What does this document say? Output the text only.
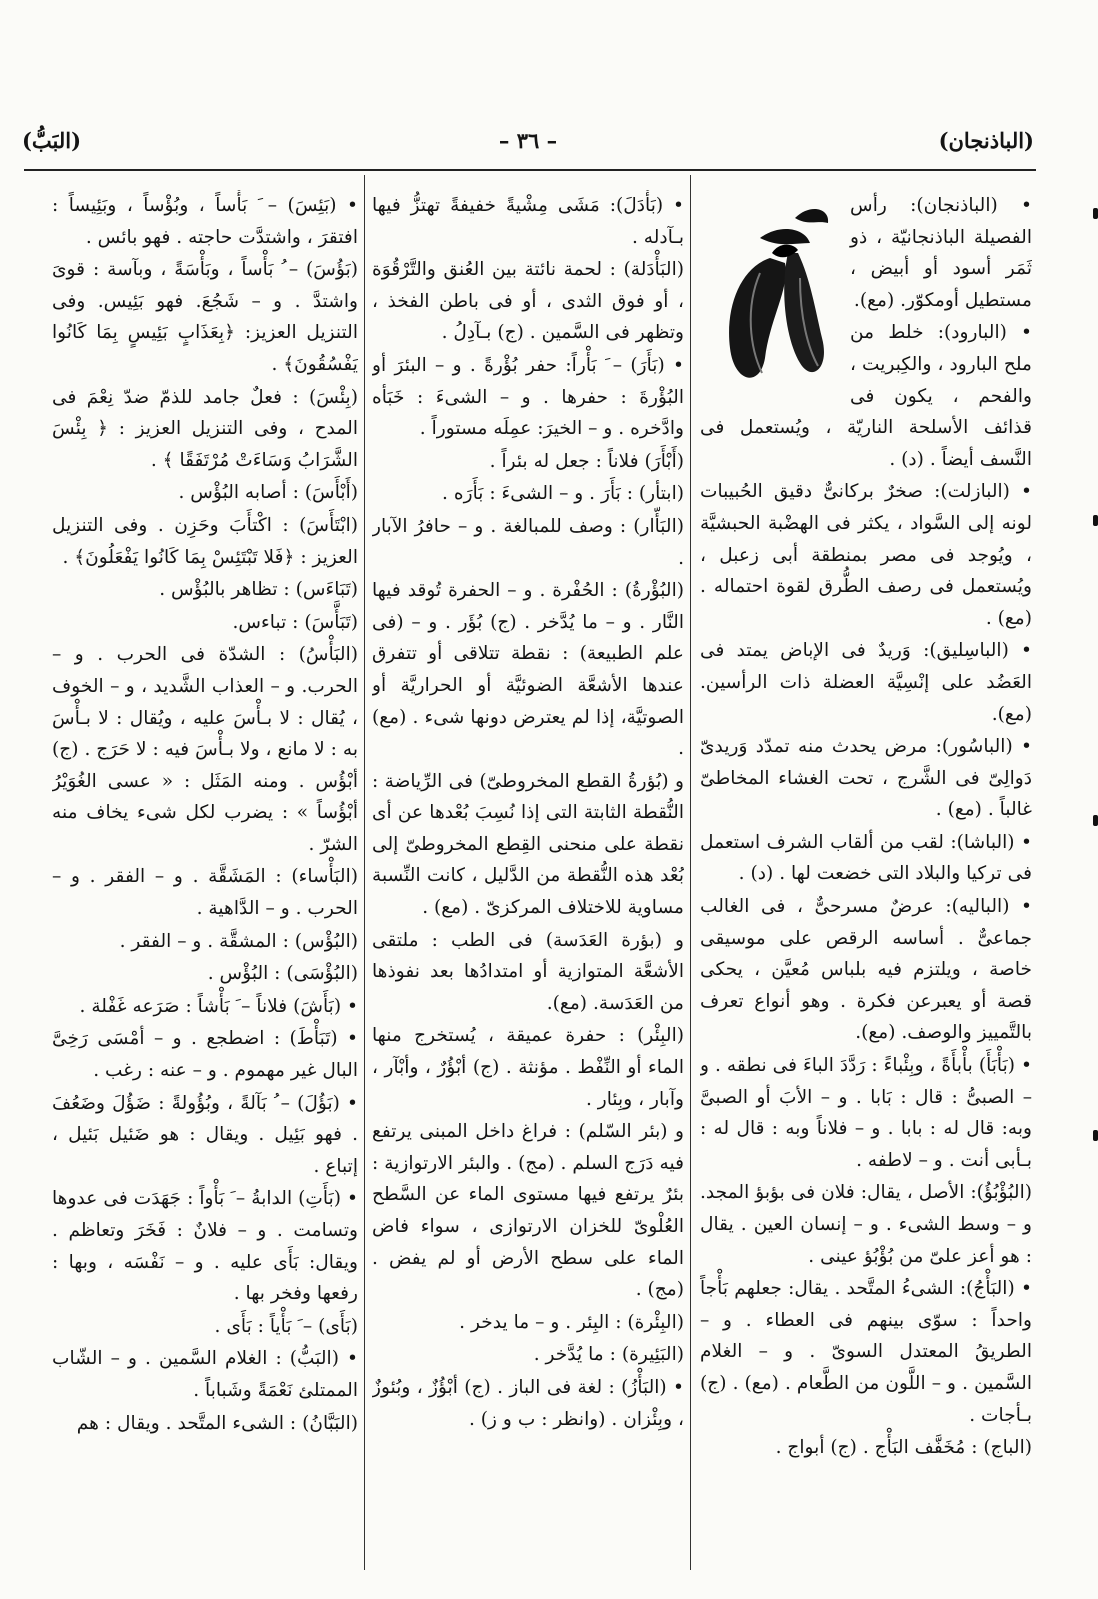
(الباذنجان)
– ٣٦ –
(البَبُّ)

• (الباذنجان): رأس الفصيلة الباذنجانيّة ، ذو ثَمَر أسود أو أبيض ، مستطيل أومكوّر. (مع).

• (البارود): خلط من ملح البارود ، والكِبريت ، والفحم ، يكون فى قذائف الأسلحة الناريّة ، ويُستعمل فى النَّسف أيضاً . (د) .

• (البازلت): صخرٌ بركانىٌّ دقيق الحُبيبات لونه إلى السَّواد ، يكثر فى الهضْبة الحبشيَّة ، ويُوجد فى مصر بمنطقة أبى زعبل ، ويُستعمل فى رصف الطُّرق لقوة احتماله . (مع) .

• (الباسِليق): وَريدٌ فى الإباض يمتد فى العَضُد على إنْسِيَّة العضلة ذات الرأسين. (مع).

• (الباسُور): مرض يحدث منه تمدّد وَريدىّ دَوالِىّ فى الشَّرج ، تحت الغشاء المخاطىّ غالباً . (مع) .

• (الباشا): لقب من ألقاب الشرف استعمل فى تركيا والبلاد التى خضعت لها . (د) .

• (الباليه): عرضٌ مسرحىٌّ ، فى الغالب جماعىٌّ . أساسه الرقص على موسيقى خاصة ، ويلتزم فيه بلباس مُعيَّن ، يحكى قصة أو يعبرعن فكرة . وهو أنواع تعرف بالتَّمييز والوصف. (مع).

• (بَأْبَأَ) بأْبأَةً ، وبِئْباءً : رَدَّدَ الباءَ فى نطقه . و – الصبىُّ : قال : بَابا . و – الأبَ أو الصبىَّ وبه: قال له : بابا . و – فلاناً وبه : قال له : بـأبى أنت . و – لاطفه .

(البُؤْبُؤُ): الأصل ، يقال: فلان فى بؤبؤ المجد. و – وسط الشىء . و – إنسان العين . يقال : هو أعز علىّ من بُؤْبُؤ عينى .

• (البَأْجُ): الشىءُ المتَّحد . يقال: جعلهم بَأْجاً واحداً : سوّى بينهم فى العطاء . و – الطريقُ المعتدل السوىّ . و – الغلام السَّمين . و – اللَّون من الطَّعام . (مع) . (ج) بـأجات .

(الباج) : مُخَفَّف البَأْج . (ج) أبواج .

• (بَأْدَلَ): مَشَى مِشْيةً خفيفةً تهتزُّ فيها بـآدله .

(البَأْدَلة) : لحمة نائتة بين العُنق والتَّرْقُوَة ، أو فوق الثدى ، أو فى باطن الفخذ ، وتظهر فى السَّمين . (ج) بـآدِلُ .

• (بَأَرَ) – َ بَأْراً: حفر بُؤْرةً . و – البئرَ أو البُؤْرةَ : حفرها . و – الشىءَ : خَبَأه وادَّخره . و – الخيرَ: عمِلَه مستوراً .

(أَبْأَرَ) فلاناً : جعل له بئراً .

(ابتأر) : بَأَرَ . و – الشىءَ : بَأَرَه .

(البَأّار) : وصف للمبالغة . و – حافرُ الآبار .

(البُؤْرةُ) : الحُفْرة . و – الحفرة تُوقد فيها النَّار . و – ما يُدَّخر . (ج) بُؤَر . و – (فى علم الطبيعة) : نقطة تتلاقى أو تتفرق عندها الأشعَّة الضوئيَّة أو الحراريَّة أو الصوتيَّة، إذا لم يعترض دونها شىء . (مع) .

و (بُؤرةُ القطع المخروطىّ) فى الرِّياضة : النُّقطة الثابتة التى إذا نُسِبَ بُعْدها عن أى نقطة على منحنى القِطع المخروطىّ إلى بُعْد هذه النُّقطة من الدَّليل ، كانت النِّسبة مساوية للاختلاف المركزىّ . (مع) .

و (بؤرة العَدَسة) فى الطب : ملتقى الأشعَّة المتوازية أو امتدادُها بعد نفوذها من العَدَسة. (مع).

(البِئْر) : حفرة عميقة ، يُستخرج منها الماء أو النِّفْط . مؤنثة . (ج) أبْؤُرٌ ، وأبْآر ، وآبار ، وبِئار .

و (بئر السّلم) : فراغ داخل المبنى يرتفع فيه دَرَج السلم . (مج) . والبئر الارتوازية : بئرٌ يرتفع فيها مستوى الماء عن السَّطح العُلْوىّ للخزان الارتوازى ، سواء فاض الماء على سطح الأرض أو لم يفض . (مج) .

(البِئْرة) : البِئر . و – ما يدخر .

(البَئِيرة) : ما يُدَّخر .

• (البَأْزُ) : لغة فى الباز . (ج) أبْؤُزٌ ، وبُئوزٌ ، وبِئْزان . (وانظر : ب و ز) .

• (بَئِسَ) – َ بَأْساً ، وبُؤْساً ، وبَئِيساً : افتقرَ ، واشتدَّت حاجته . فهو بائس .

(بَؤُسَ) – ُ بَأْساً ، وبَأْسَةً ، وبآسة : قوىَ واشتدَّ . و – شَجُعَ. فهو بَئِيس. وفى التنزيل العزيز: ﴿بِعَذَابٍ بَئِيسٍ بِمَا كَانُوا يَفْسُقُونَ﴾ .

(بِئْسَ) : فعلٌ جامد للذمّ ضدّ نِعْمَ فى المدح ، وفى التنزيل العزيز : ﴿ بِئْسَ الشَّرَابُ وَسَاءَتْ مُرْتَفَقًا ﴾ .

(أَبْأَسَ) : أصابه البُؤْس .

(ابْتَأَسَ) : اكْتأَبَ وحَزِن . وفى التنزيل العزيز : ﴿فَلا تَبْتَئِسْ بِمَا كَانُوا يَفْعَلُونَ﴾ .

(تَبَاءَس) : تظاهر بالبُؤْس .

(تَبَأَّسَ) : تباءس.

(البَأْسُ) : الشدّة فى الحرب . و – الحرب. و – العذاب الشَّديد ، و – الخوف ، يُقال : لا بـأْسَ عليه ، ويُقال : لا بـأْسَ به : لا مانع ، ولا بـأْسَ فيه : لا حَرَج . (ج) أبْؤُس . ومنه المَثَل : « عسى الغُوَيْرُ أبْؤُساً » : يضرب لكل شىء يخاف منه الشرّ .

(البَأْساء) : المَشَقَّة . و – الفقر . و – الحرب . و – الدَّاهية .

(البُؤْس) : المشقَّة . و – الفقر .

(البُؤْسَى) : البُؤْس .

• (بَأَشَ) فلاناً – َ بَأْشاً : صَرَعه غَفْلة .

• (تَبَأْطَ) : اضطجع . و – أمْسَى رَخِىَّ البال غير مهموم . و – عنه : رغب .

• (بَؤُلَ) – ُ بَآلةً ، وبُؤُولةً : ضَؤُلَ وضَعُفَ . فهو بَئِيل . ويقال : هو ضَئيل بَئيل ، إتباع .

• (بَأَتِ) الدابةُ – َ بَأْواً : جَهَدَت فى عدوها وتسامت . و – فلانٌ : فَخَرَ وتعاظم . ويقال: بَأَى عليه . و – نَفْسَه ، وبها : رفعها وفخر بها .

(بَأَى) – َ بَأْياً : بَأَى .

• (البَبُّ) : الغلام السَّمين . و – الشّاب الممتلئ نَعْمَةً وشَباباً .

(البَبَّانُ) : الشىء المتَّحد . ويقال : هم
